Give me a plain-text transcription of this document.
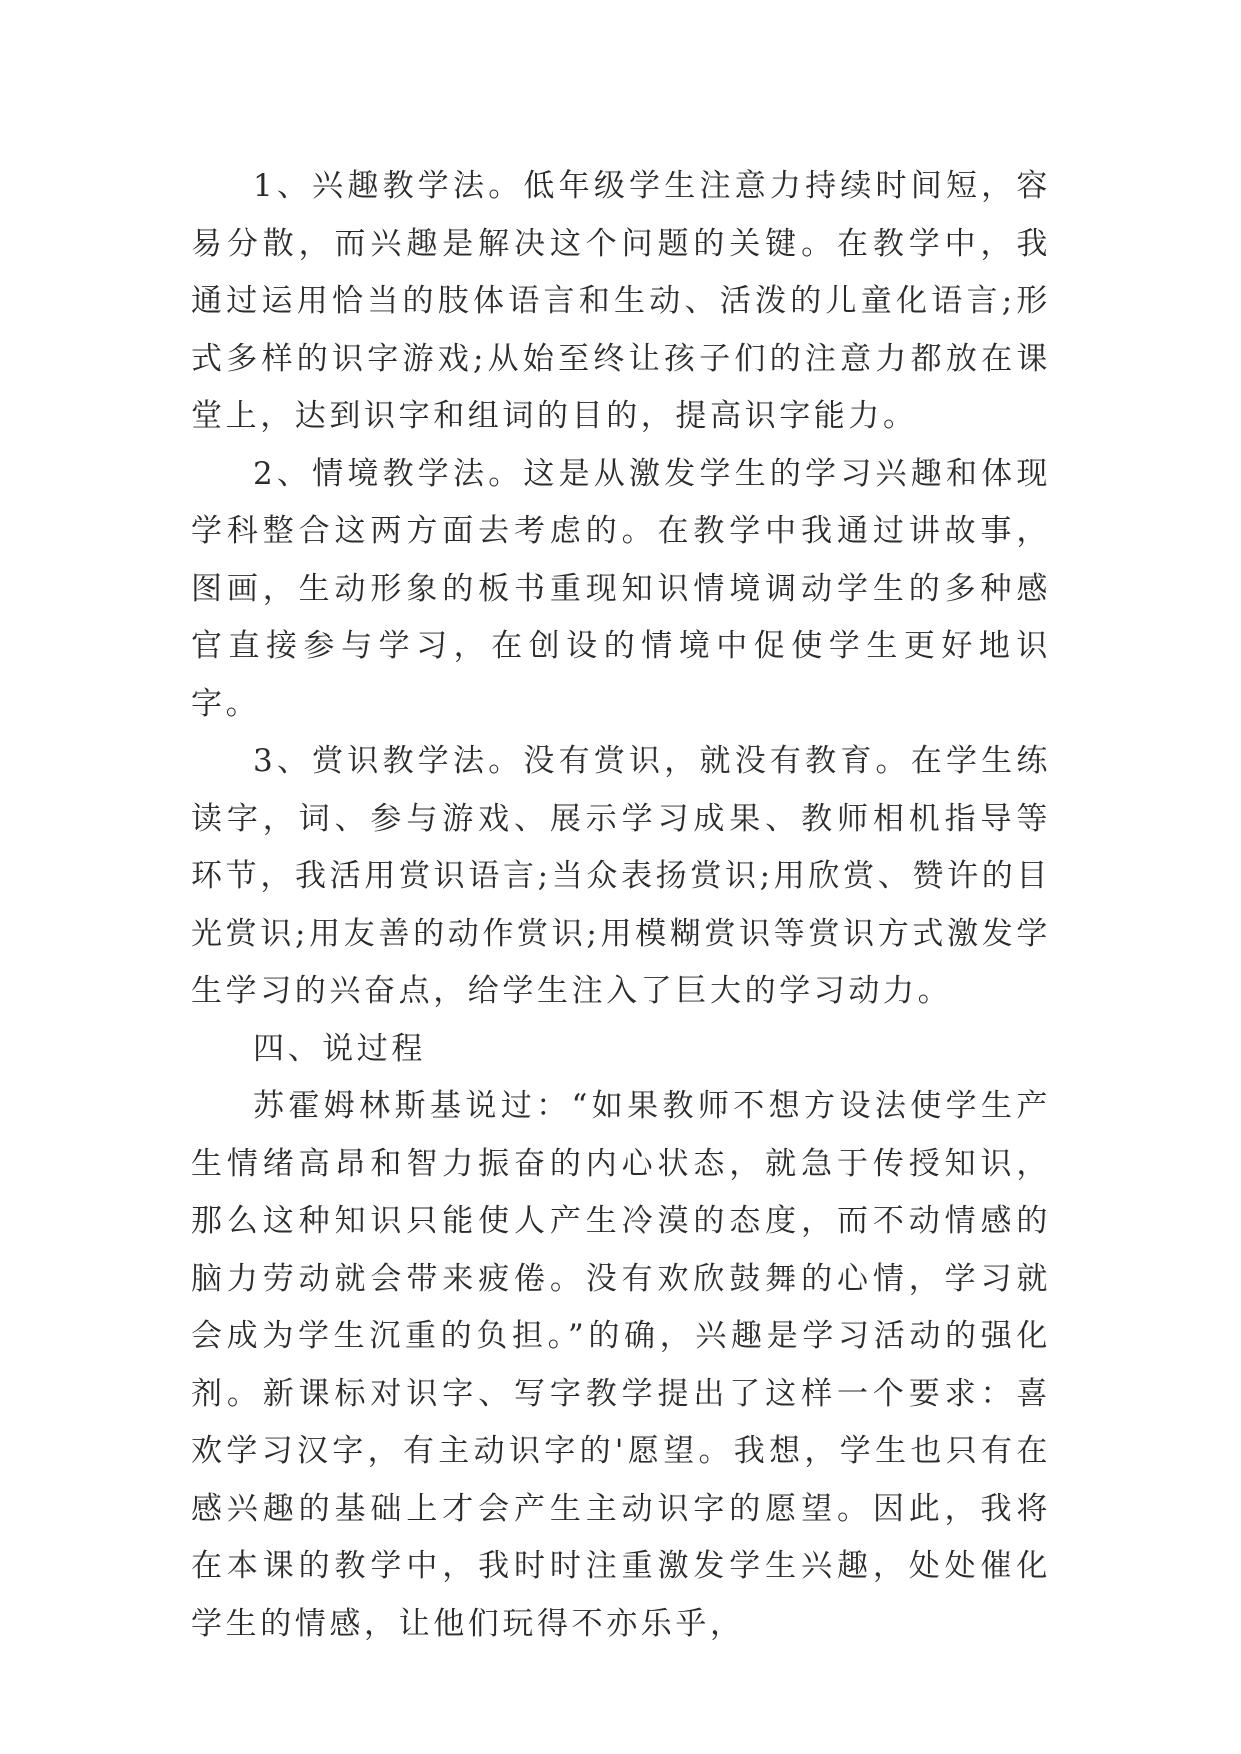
1、兴趣教学法。低年级学生注意力持续时间短，容易分散，而兴趣是解决这个问题的关键。在教学中，我通过运用恰当的肢体语言和生动、活泼的儿童化语言;形式多样的识字游戏;从始至终让孩子们的注意力都放在课堂上，达到识字和组词的目的，提高识字能力。

2、情境教学法。这是从激发学生的学习兴趣和体现学科整合这两方面去考虑的。在教学中我通过讲故事，图画，生动形象的板书重现知识情境调动学生的多种感官直接参与学习，在创设的情境中促使学生更好地识字。

3、赏识教学法。没有赏识，就没有教育。在学生练读字，词、参与游戏、展示学习成果、教师相机指导等环节，我活用赏识语言;当众表扬赏识;用欣赏、赞许的目光赏识;用友善的动作赏识;用模糊赏识等赏识方式激发学生学习的兴奋点，给学生注入了巨大的学习动力。

四、说过程

苏霍姆林斯基说过：“如果教师不想方设法使学生产生情绪高昂和智力振奋的内心状态，就急于传授知识，那么这种知识只能使人产生冷漠的态度，而不动情感的脑力劳动就会带来疲倦。没有欢欣鼓舞的心情，学习就会成为学生沉重的负担。”的确，兴趣是学习活动的强化剂。新课标对识字、写字教学提出了这样一个要求：喜欢学习汉字，有主动识字的'愿望。我想，学生也只有在感兴趣的基础上才会产生主动识字的愿望。因此，我将在本课的教学中，我时时注重激发学生兴趣，处处催化学生的情感，让他们玩得不亦乐乎，
